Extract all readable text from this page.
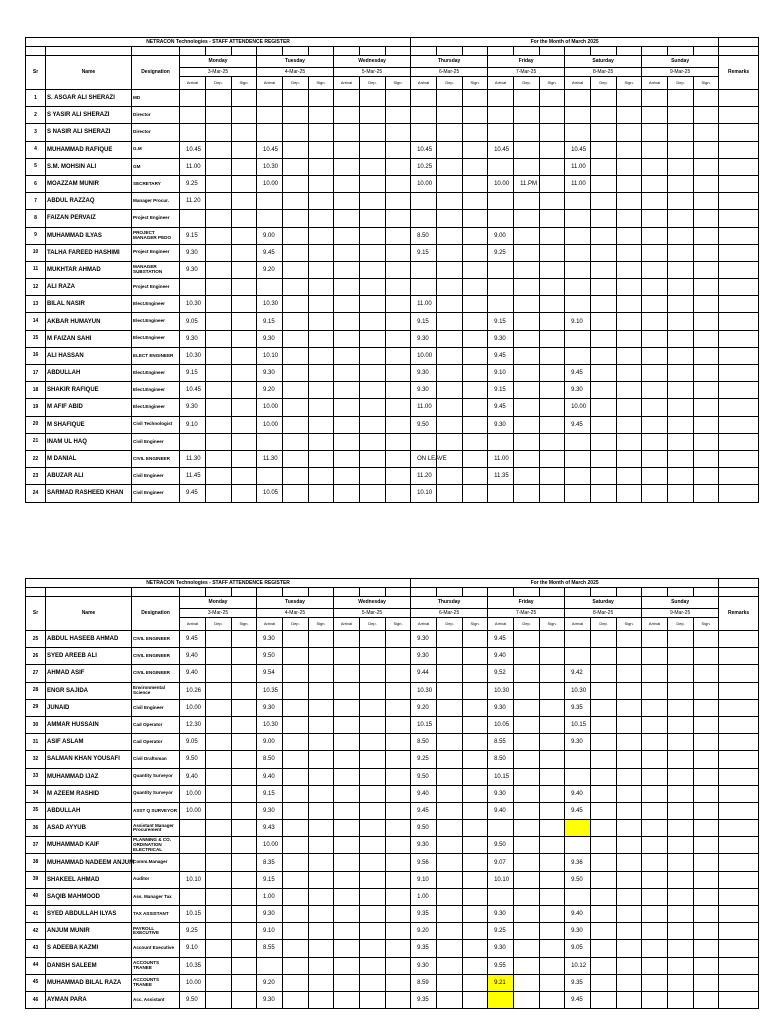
NETRACON Technologies - STAFF ATTENDENCE REGISTER												For the Month of March 2025												

Sr	Name	Designation	Monday			Tuesday			Wednesday			Thursday			Friday			Saturday			Sunday			Remarks
			3-Mar-25			4-Mar-25			5-Mar-25			6-Mar-25			7-Mar-25			8-Mar-25			9-Mar-25			
			Arrival	Dep.	Sign.	Arrival	Dep.	Sign.	Arrival	Dep.	Sign.	Arrival	Dep.	Sign.	Arrival	Dep.	Sign.	Arrival	Dep.	Sign.	Arrival	Dep.	Sign.	
1	S. ASGAR ALI SHERAZI	MD																						
2	S YASIR ALI SHERAZI	Director																						
3	S NASIR ALI SHERAZI	Director																						
4	MUHAMMAD RAFIQUE	G.M	10.45			10.45						10.45			10.45			10.45						
5	S.M. MOHSIN ALI	GM	11.00			10.30						10.25						11.00						
6	MOAZZAM MUNIR	SECRETARY	9.25			10.00						10.00			10.00	11.PM		11.00						
7	ABDUL RAZZAQ	Manager Procur.	11.20																					
8	FAIZAN PERVAIZ	Project Engineer																						
9	MUHAMMAD ILYAS	PROJECT MANAGER PEDO	9.15			9.00						8.50			9.00									
10	TALHA FAREED HASHIMI	Project Engineer	9.30			9.45						9.15			9.25									
11	MUKHTAR AHMAD	MANAGER SUBSTATION	9.30			9.20																		
12	ALI RAZA	Project Engineer																						
13	BILAL NASIR	Elect.Engineer	10.30			10.30						11.00												
14	AKBAR HUMAYUN	Elect.Engineer	9.05			9.15						9.15			9.15			9.10						
15	M FAIZAN SAHI	Elect.Engineer	9.30			9.30						9.30			9.30									
16	ALI HASSAN	ELECT ENGINEER	10.30			10.10						10.00			9.45									
17	ABDULLAH	Elect.Engineer	9.15			9.30						9.30			9.10			9.45						
18	SHAKIR RAFIQUE	Elect.Engineer	10.45			9.20						9.30			9.15			9.30						
19	M AFIF ABID	Elect.Engineer	9.30			10.00						11.00			9.45			10.00						
20	M SHAFIQUE	Civil Technologist	9.10			10.00						9.50			9.30			9.45						
21	INAM UL HAQ	Civil Engineer																						
22	M DANIAL	CIVIL ENGINEER	11.30			11.30						ON LEAVE			11.00									
23	ABUZAR ALI	Civil Engineer	11.45									11.20			11.35									
24	SARMAD RASHEED KHAN	Civil Engineer	9.45			10.05						10.10												
NETRACON Technologies - STAFF ATTENDENCE REGISTER												For the Month of March 2025												

Sr	Name	Designation	Monday			Tuesday			Wednesday			Thursday			Friday			Saturday			Sunday			Remarks
			3-Mar-25			4-Mar-25			5-Mar-25			6-Mar-25			7-Mar-25			8-Mar-25			9-Mar-25			
			Arrival	Dep.	Sign.	Arrival	Dep.	Sign.	Arrival	Dep.	Sign.	Arrival	Dep.	Sign.	Arrival	Dep.	Sign.	Arrival	Dep.	Sign.	Arrival	Dep.	Sign.	
25	ABDUL HASEEB AHMAD	CIVIL ENGINEER	9.45			9.30						9.30			9.45									
26	SYED AREEB ALI	CIVIL ENGINEER	9.40			9.50						9.30			9.40									
27	AHMAD ASIF	CIVIL ENGINEER	9.40			9.54						9.44			9.52			9.42						
28	ENGR SAJIDA	Environmental Science	10.26			10.35						10.30			10.30			10.30						
29	JUNAID	Civil Engineer	10.00			9.30						9.20			9.30			9.35						
30	AMMAR HUSSAIN	Cad Operator	12.30			10.30						10.15			10.05			10.15						
31	ASIF ASLAM	Cad Operator	9.05			9.00						8.50			8.55			9.30						
32	SALMAN KHAN YOUSAFI	Civil Draftsman	9.50			8.50						9.25			8.50									
33	MUHAMMAD IJAZ	Quantity Surveyor	9.40			9.40						9.50			10.15									
34	M AZEEM RASHID	Quantity Surveyor	10.00			9.15						9.40			9.30			9.40						
35	ABDULLAH	ASST Q SURVEYOR	10.00			9.30						9.45			9.40			9.45						
36	ASAD AYYUB	Assistant Manager Procurement				9.43						9.50												
37	MUHAMMAD KAIF	PLANNING & CO. ORDINATION ELECTRICAL				10.00						9.30			9.50									
38	MUHAMMAD NADEEM ANJUM	Comm.Manager				8.35						9.56			9.07			9.36						
39	SHAKEEL AHMAD	Auditor	10.10			9.15						9.10			10.10			9.50						
40	SAQIB MAHMOOD	Ass. Manager Tax				1.00						1.00												
41	SYED ABDULLAH ILYAS	TAX ASSISTANT	10.15			9.30						9.35			9.30			9.40						
42	ANJUM MUNIR	PAYROLL EXECUTIVE	9.25			9.10						9.20			9.25			9.30						
43	S ADEEBA KAZMI	Account Executive	9.10			8.55						9.35			9.30			9.05						
44	DANISH SALEEM	ACCOUNTS TRANEE	10.35									9.30			9.55			10.12						
45	MUHAMMAD BILAL RAZA	ACCOUNTS TRANEE	10.00			9.20						8.59			9.21			9.35						
46	AYMAN PARA	Acc. Assistant	9.50			9.30						9.35						9.45						
